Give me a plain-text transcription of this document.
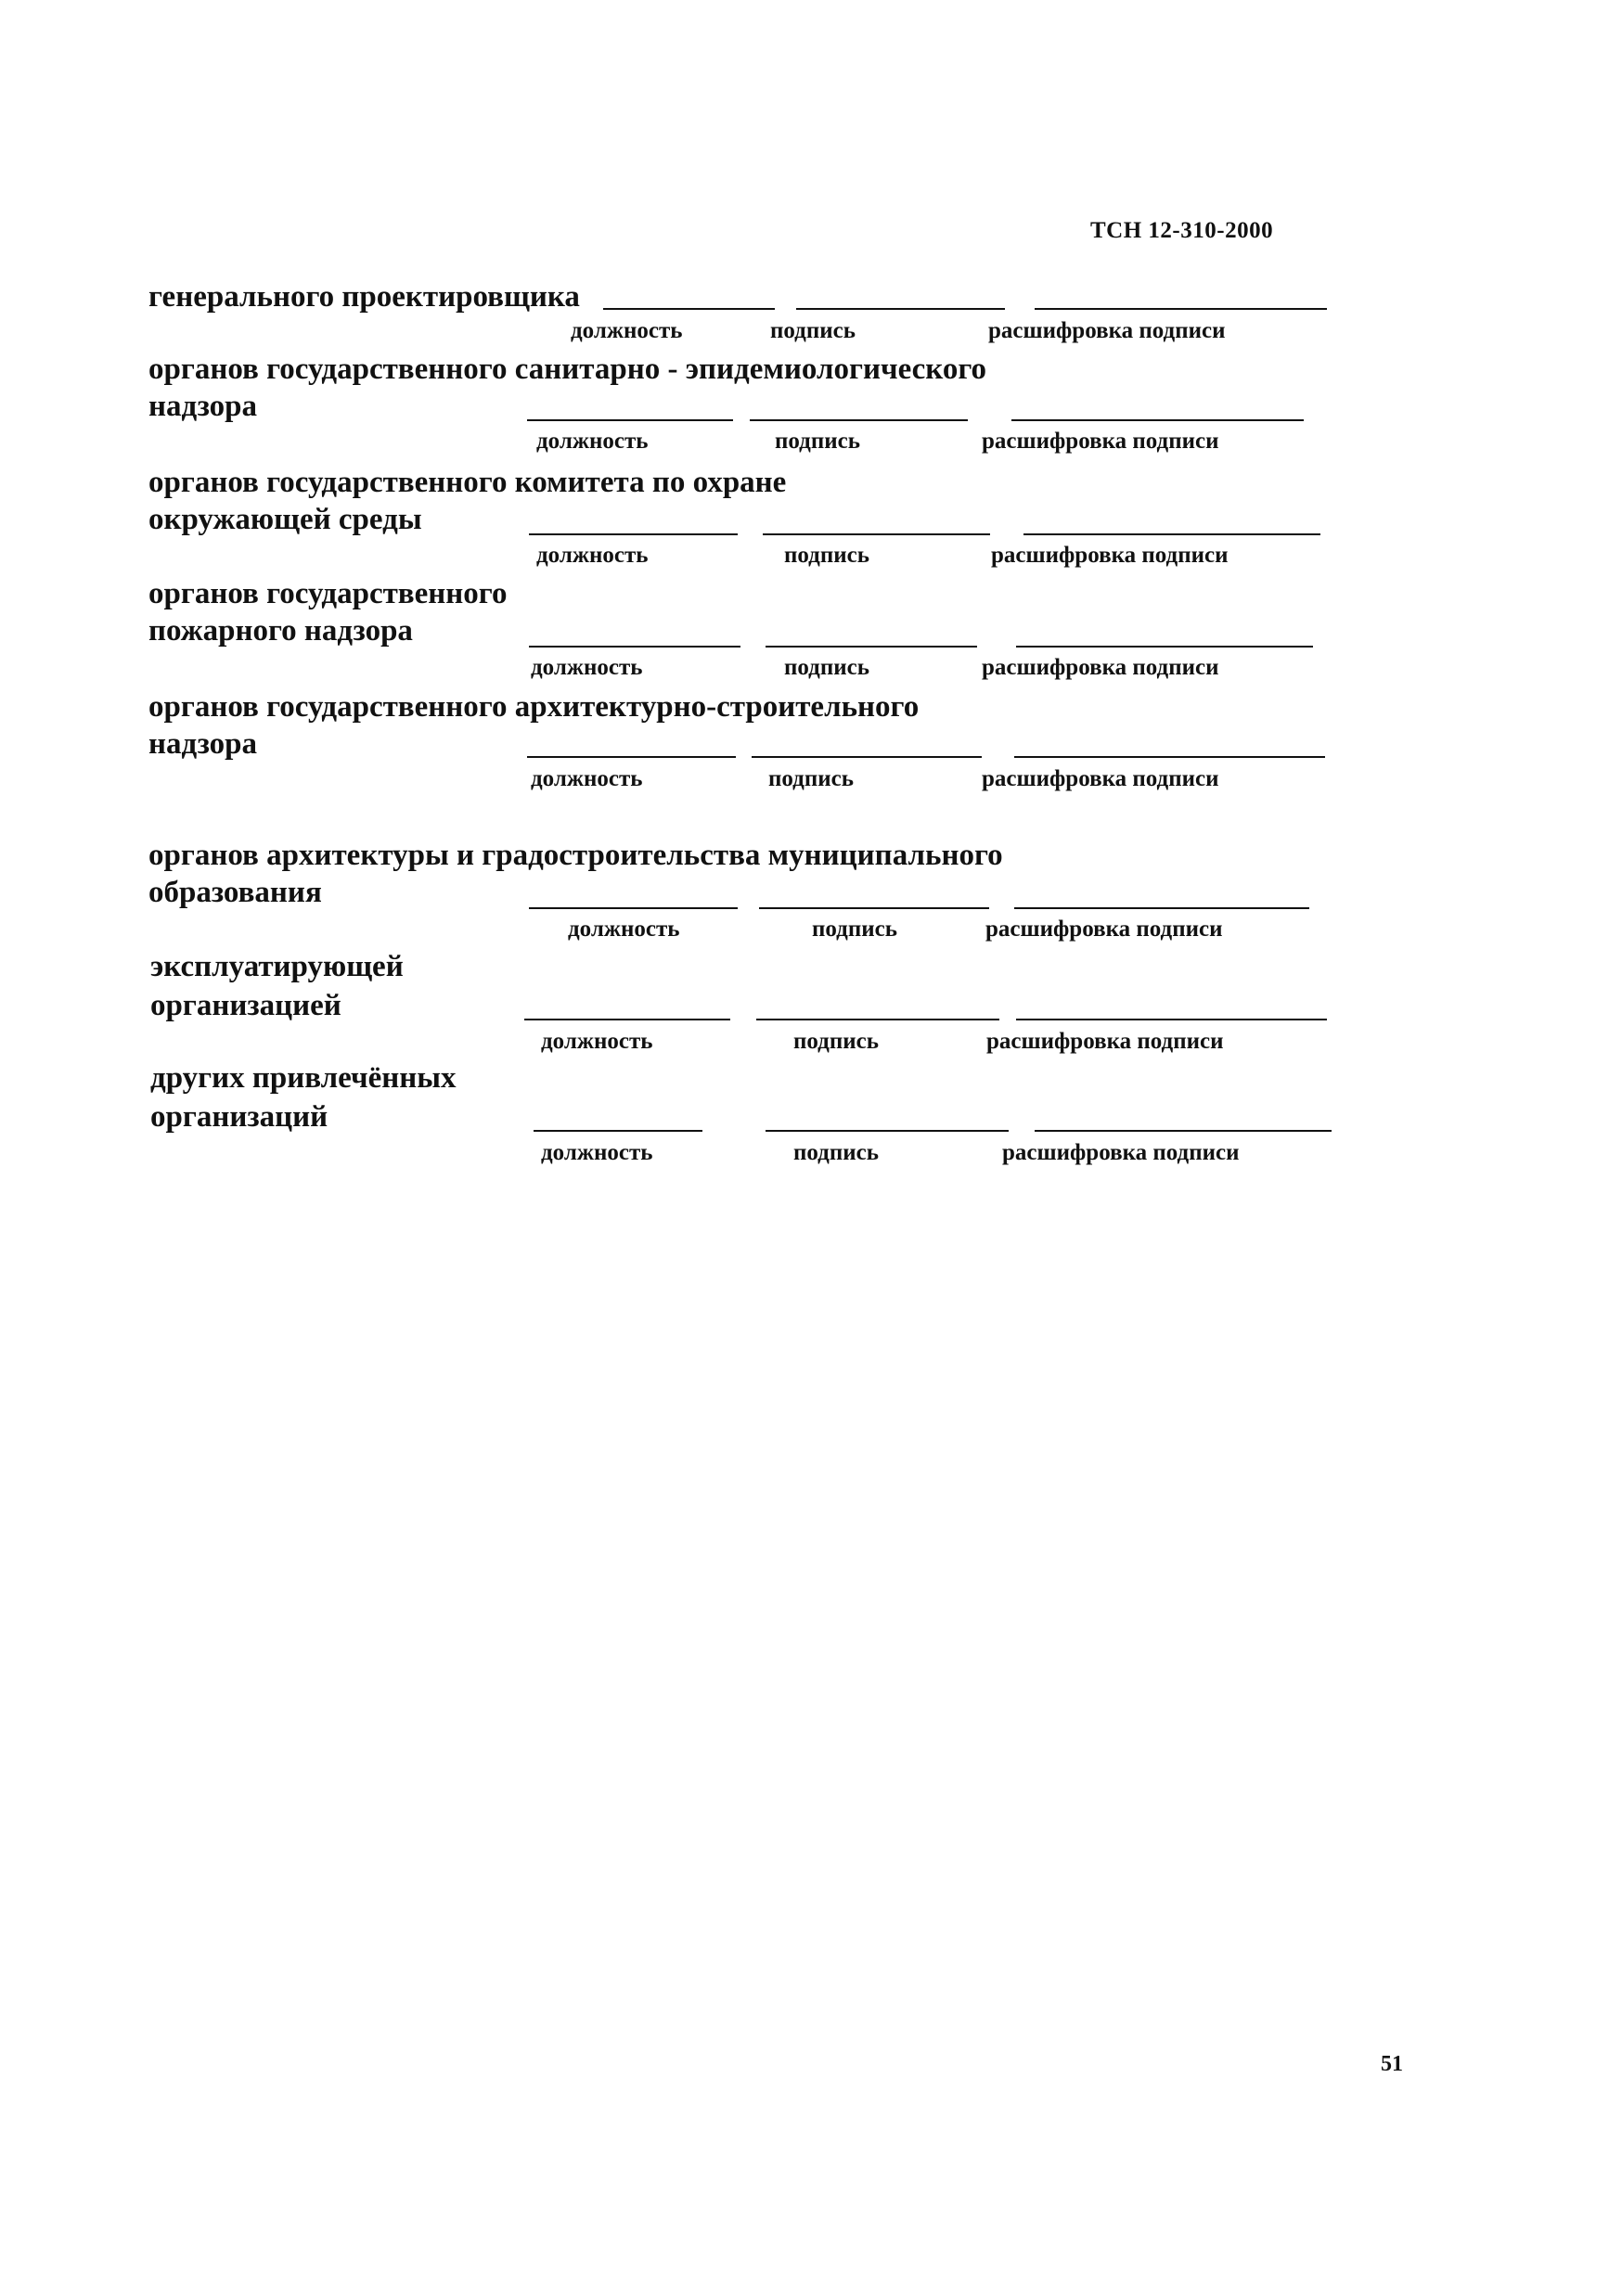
ТСН 12-310-2000
генерального проектировщика
должность	подпись	расшифровка подписи
органов государственного санитарно - эпидемиологического
надзора
должность	подпись	расшифровка подписи
органов государственного комитета по охране
окружающей среды
должность	подпись	расшифровка подписи
органов государственного
пожарного надзора
должность	подпись	расшифровка подписи
органов государственного архитектурно-строительного
надзора
должность	подпись	расшифровка подписи
органов архитектуры и градостроительства муниципального
образования
должность	подпись	расшифровка подписи
эксплуатирующей
организацией
должность	подпись	расшифровка подписи
других привлечённых
организаций
должность	подпись	расшифровка подписи
51
